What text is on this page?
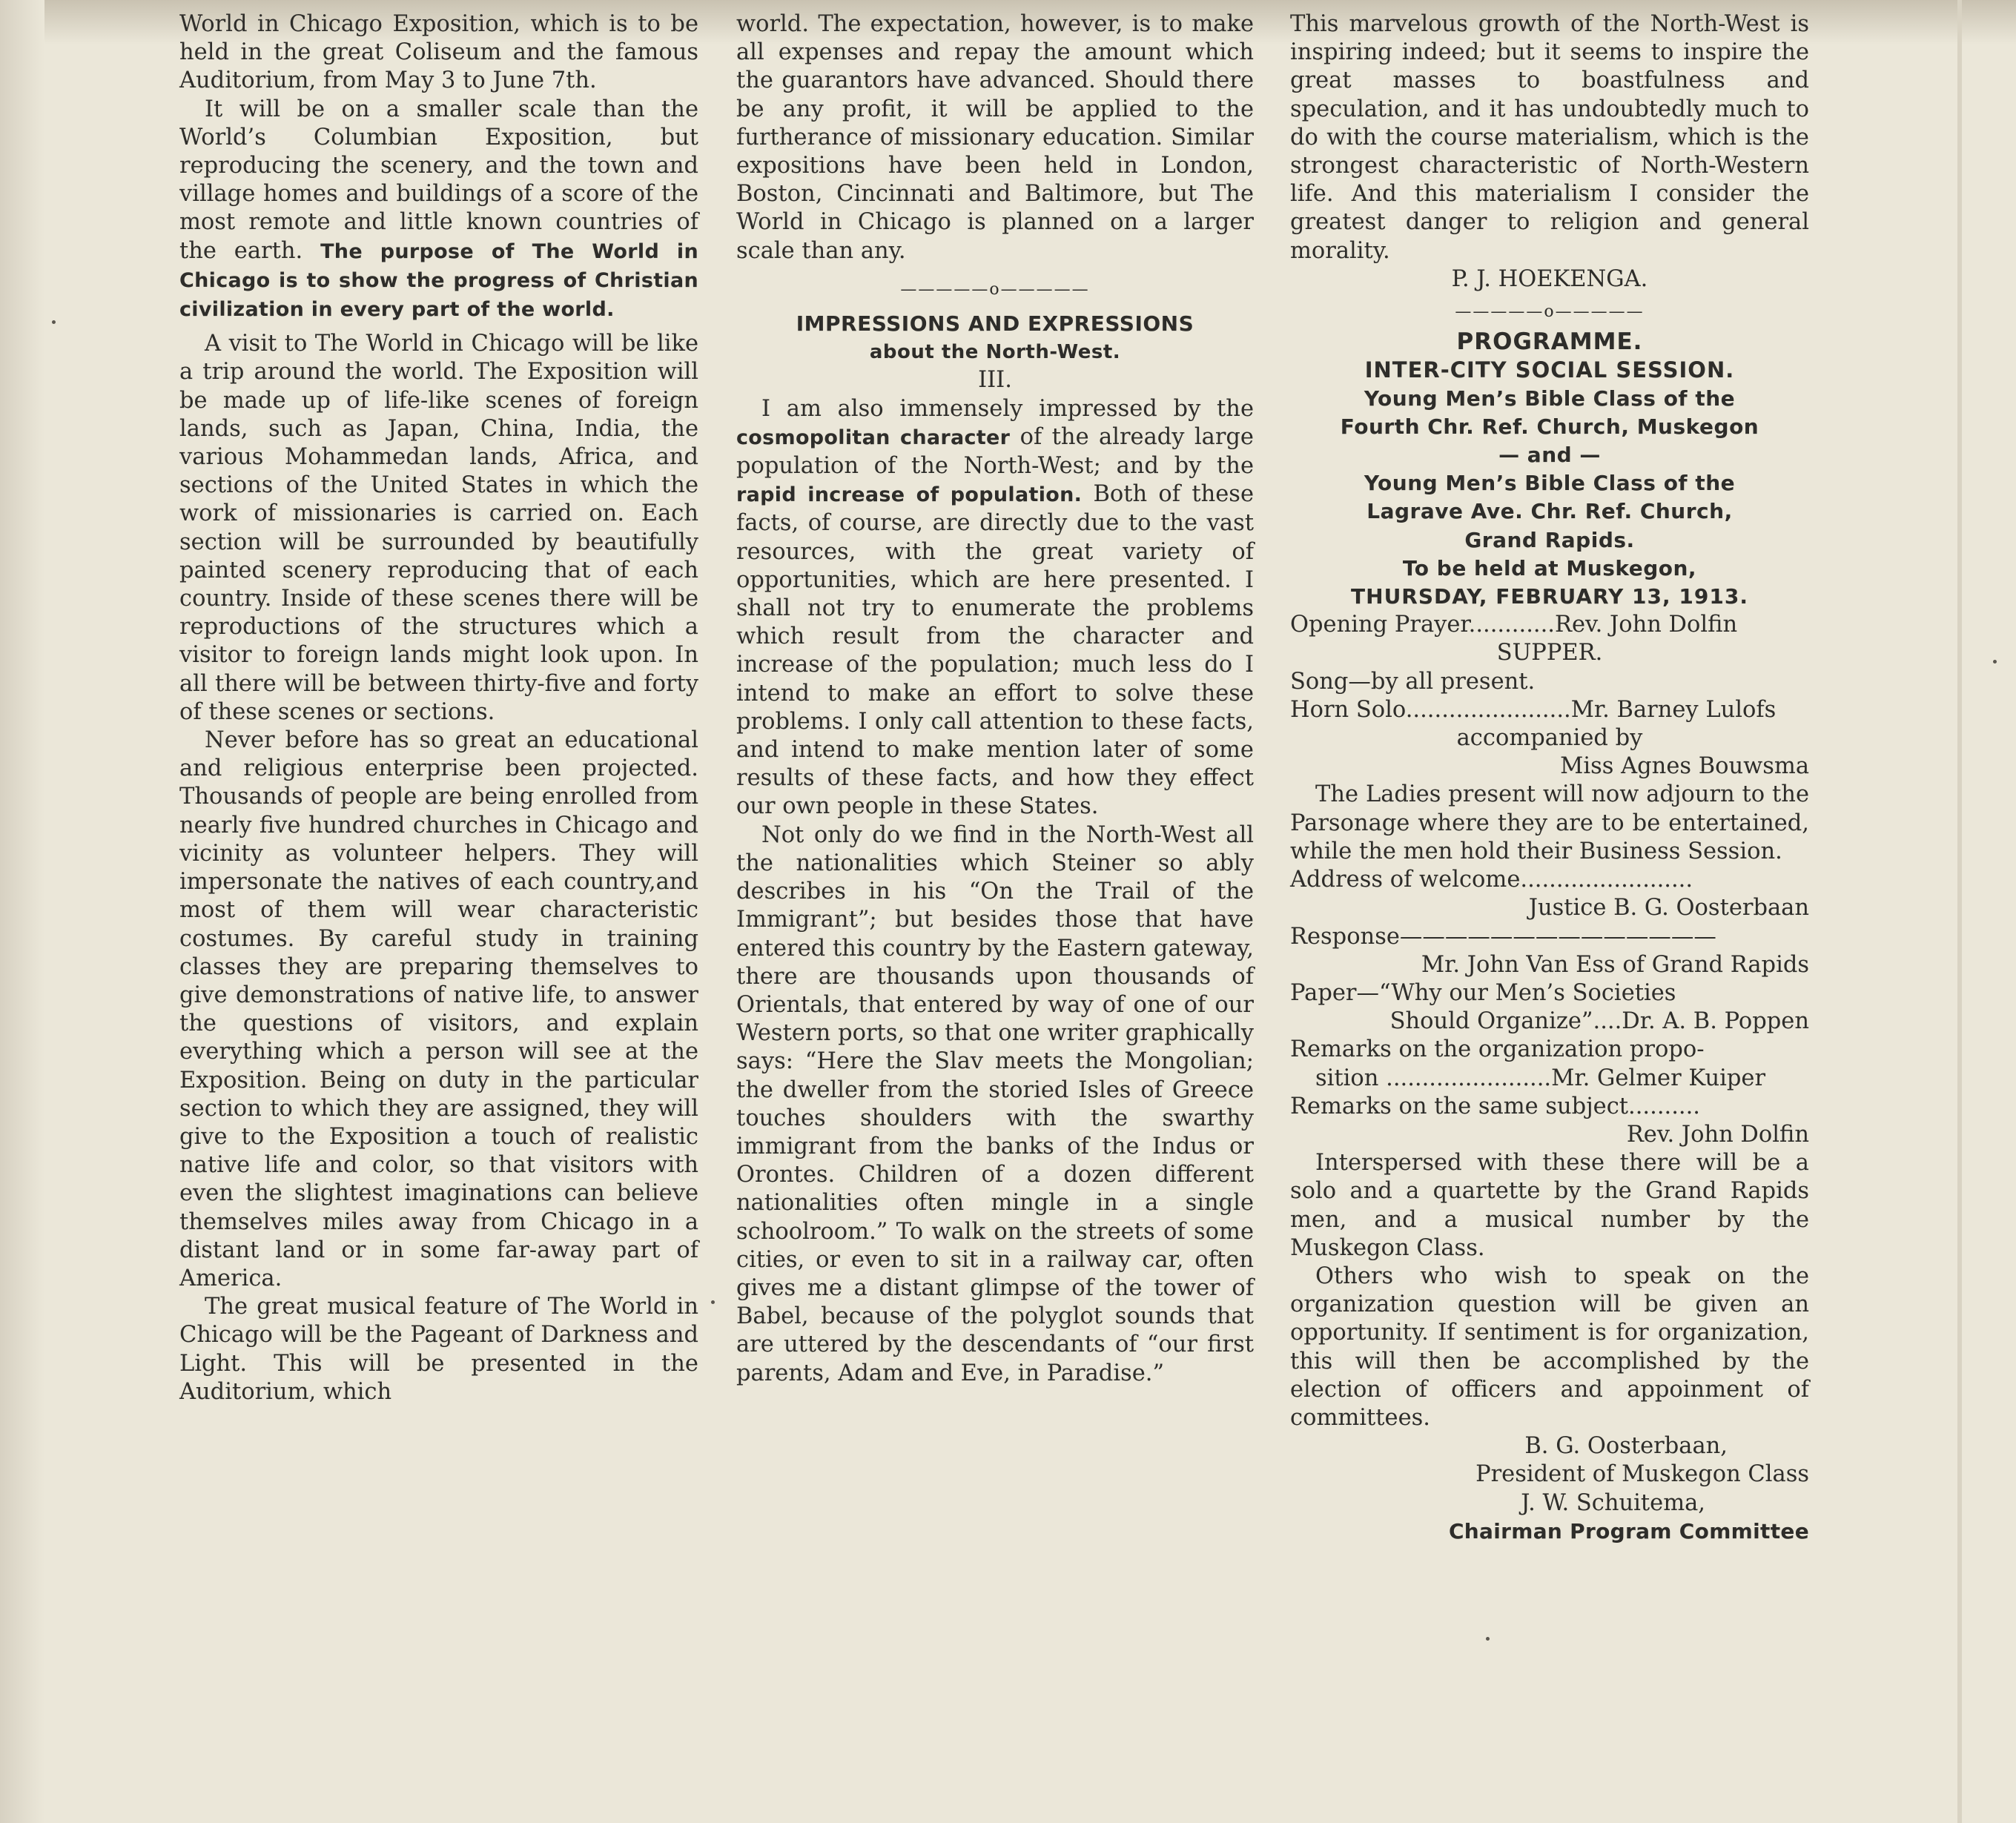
World in Chicago Exposition, which is to be held in the great Coliseum and the famous Auditorium, from May 3 to June 7th.

It will be on a smaller scale than the World’s Columbian Exposition, but reproducing the scenery, and the town and village homes and buildings of a score of the most remote and little known countries of the earth. The purpose of The World in Chicago is to show the progress of Christian civilization in every part of the world.

A visit to The World in Chicago will be like a trip around the world. The Exposition will be made up of life-like scenes of foreign lands, such as Japan, China, India, the various Mohammedan lands, Africa, and sections of the United States in which the work of missionaries is carried on. Each section will be surrounded by beautifully painted scenery reproducing that of each country. Inside of these scenes there will be reproductions of the structures which a visitor to foreign lands might look upon. In all there will be between thirty-five and forty of these scenes or sections.

Never before has so great an educational and religious enterprise been projected. Thousands of people are being enrolled from nearly five hundred churches in Chicago and vicinity as volunteer helpers. They will impersonate the natives of each country,and most of them will wear characteristic costumes. By careful study in training classes they are preparing themselves to give demonstrations of native life, to answer the questions of visitors, and explain everything which a person will see at the Exposition. Being on duty in the particular section to which they are assigned, they will give to the Exposition a touch of realistic native life and color, so that visitors with even the slightest imaginations can believe themselves miles away from Chicago in a distant land or in some far-away part of America.

The great musical feature of The World in Chicago will be the Pageant of Darkness and Light. This will be presented in the Auditorium, which

world. The expectation, however, is to make all expenses and repay the amount which the guarantors have advanced. Should there be any profit, it will be applied to the furtherance of missionary education. Similar expositions have been held in London, Boston, Cincinnati and Baltimore, but The World in Chicago is planned on a larger scale than any.

—————o—————
IMPRESSIONS AND EXPRESSIONS
about the North-West.
III.

I am also immensely impressed by the cosmopolitan character of the already large population of the North-West; and by the rapid increase of population. Both of these facts, of course, are directly due to the vast resources, with the great variety of opportunities, which are here presented. I shall not try to enumerate the problems which result from the character and increase of the population; much less do I intend to make an effort to solve these problems. I only call attention to these facts, and intend to make mention later of some results of these facts, and how they effect our own people in these States.

Not only do we find in the North-West all the nationalities which Steiner so ably describes in his “On the Trail of the Immigrant”; but besides those that have entered this country by the Eastern gateway, there are thousands upon thousands of Orientals, that entered by way of one of our Western ports, so that one writer graphically says: “Here the Slav meets the Mongolian; the dweller from the storied Isles of Greece touches shoulders with the swarthy immigrant from the banks of the Indus or Orontes. Children of a dozen different nationalities often mingle in a single schoolroom.” To walk on the streets of some cities, or even to sit in a railway car, often gives me a distant glimpse of the tower of Babel, because of the polyglot sounds that are uttered by the descendants of “our first parents, Adam and Eve, in Paradise.”

This marvelous growth of the North-West is inspiring indeed; but it seems to inspire the great masses to boastfulness and speculation, and it has undoubtedly much to do with the course materialism, which is the strongest characteristic of North-Western life. And this materialism I consider the greatest danger to religion and general morality.

P. J. HOEKENGA.
—————o—————
PROGRAMME.
INTER-CITY SOCIAL SESSION.
Young Men’s Bible Class of the
Fourth Chr. Ref. Church, Muskegon
— and —
Young Men’s Bible Class of the
Lagrave Ave. Chr. Ref. Church,
Grand Rapids.
To be held at Muskegon,
THURSDAY, FEBRUARY 13, 1913.
Opening Prayer............Rev. John Dolfin
SUPPER.
Song—by all present.
Horn Solo.......................Mr. Barney Lulofs
accompanied by
Miss Agnes Bouwsma

The Ladies present will now adjourn to the Parsonage where they are to be entertained, while the men hold their Business Session.

Address of welcome........................
Justice B. G. Oosterbaan
Response——————————————
Mr. John Van Ess of Grand Rapids
Paper—“Why our Men’s Societies
Should Organize”....Dr. A. B. Poppen
Remarks on the organization propo-
sition .......................Mr. Gelmer Kuiper
Remarks on the same subject..........
Rev. John Dolfin

Interspersed with these there will be a solo and a quartette by the Grand Rapids men, and a musical number by the Muskegon Class.

Others who wish to speak on the organization question will be given an opportunity. If sentiment is for organization, this will then be accomplished by the election of officers and appoinment of committees.

B. G. Oosterbaan,
President of Muskegon Class
J. W. Schuitema,
Chairman Program Committee
